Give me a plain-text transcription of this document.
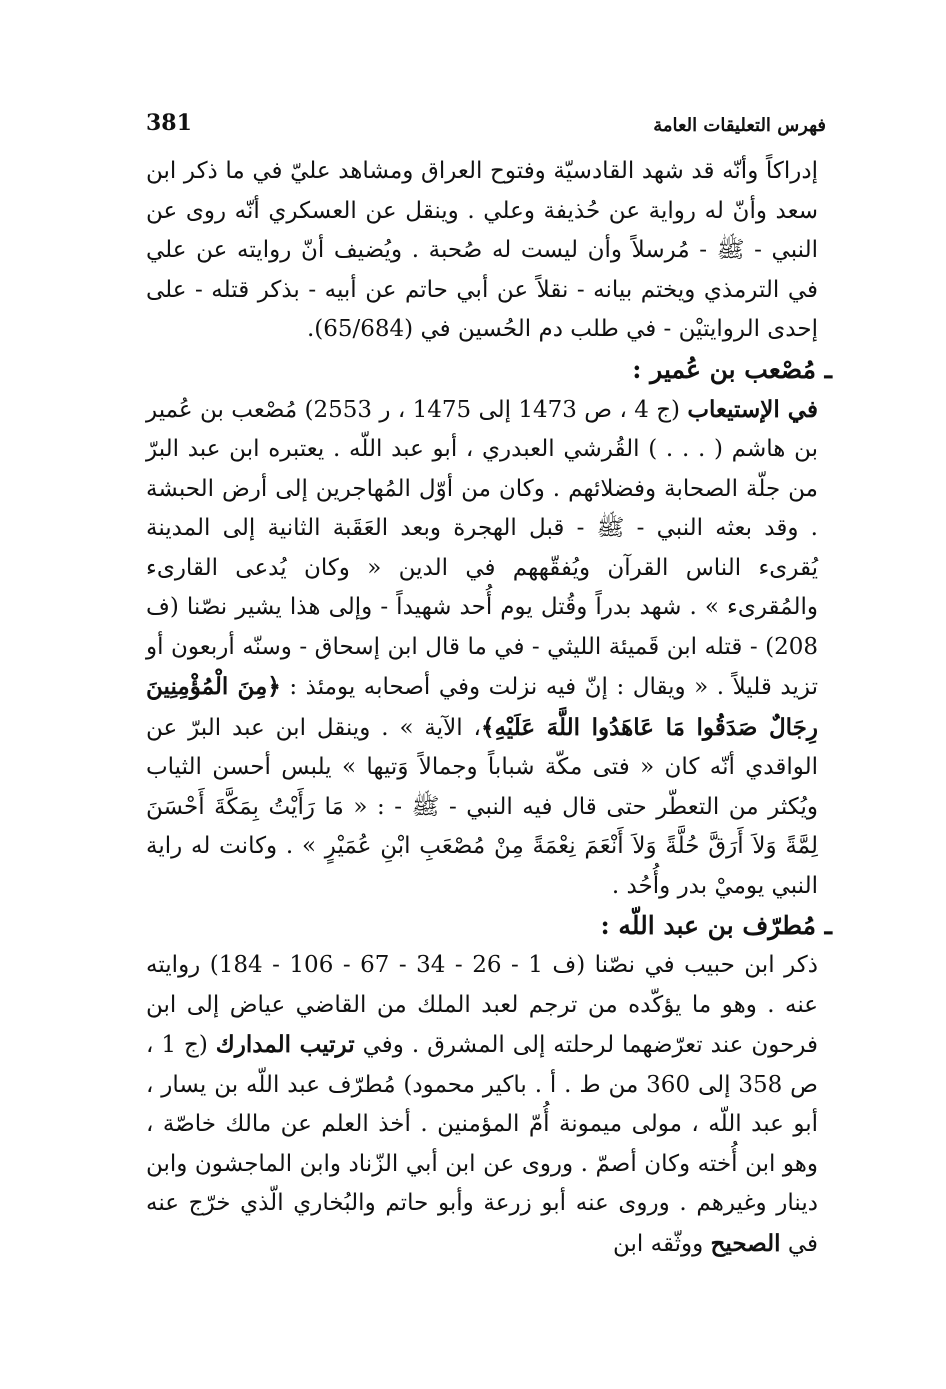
381	فهرس التعليقات العامة

إدراكاً وأنّه قد شهد القادسيّة وفتوح العراق ومشاهد عليّ في ما ذكر ابن سعد وأنّ له رواية عن حُذيفة وعلي . وينقل عن العسكري أنّه روى عن النبي - ﷺ - مُرسلاً وأن ليست له صُحبة . ويُضيف أنّ روايته عن علي في الترمذي ويختم بيانه - نقلاً عن أبي حاتم عن أبيه - بذكر قتله - على إحدى الروايتيْن - في طلب دم الحُسين في (65/684).

ـ مُصْعب بن عُمير :

في الإستيعاب (ج 4 ، ص 1473 إلى 1475 ، ر 2553) مُصْعب بن عُمير بن هاشم ( . . . ) القُرشي العبدري ، أبو عبد اللّه . يعتبره ابن عبد البرّ من جلّة الصحابة وفضلائهم . وكان من أوّل المُهاجرين إلى أرض الحبشة . وقد بعثه النبي - ﷺ - قبل الهجرة وبعد العَقَبة الثانية إلى المدينة يُقرىء الناس القرآن ويُفقّههم في الدين « وكان يُدعى القارىء والمُقرىء » . شهد بدراً وقُتل يوم أُحد شهيداً - وإلى هذا يشير نصّنا (ف 208) - قتله ابن قَميئة الليثي - في ما قال ابن إسحاق - وسنّه أربعون أو تزيد قليلاً . « ويقال : إنّ فيه نزلت وفي أصحابه يومئذ : ﴿مِنَ الْمُؤْمِنِينَ رِجَالٌ صَدَقُوا مَا عَاهَدُوا اللَّهَ عَلَيْهِ﴾، الآية » . وينقل ابن عبد البرّ عن الواقدي أنّه كان « فتى مكّة شباباً وجمالاً وَتيها » يلبس أحسن الثياب ويُكثر من التعطّر حتى قال فيه النبي - ﷺ - : « مَا رَأَيْتُ بِمَكَّةَ أَحْسَنَ لِمَّةً وَلاَ أَرَقَّ حُلَّةً وَلاَ أَنْعَمَ نِعْمَةً مِنْ مُصْعَبِ ابْنِ عُمَيْرٍ » . وكانت له راية النبي يوميْ بدر وأُحُد .

ـ مُطرّف بن عبد اللّه :

ذكر ابن حبيب في نصّنا (ف 1 - 26 - 34 - 67 - 106 - 184) روايته عنه . وهو ما يؤكّده من ترجم لعبد الملك من القاضي عياض إلى ابن فرحون عند تعرّضهما لرحلته إلى المشرق . وفي ترتيب المدارك (ج 1 ، ص 358 إلى 360 من ط . أ . باكير محمود) مُطرّف عبد اللّه بن يسار ، أبو عبد اللّه ، مولى ميمونة أُمّ المؤمنين . أخذ العلم عن مالك خاصّة ، وهو ابن أُخته وكان أصمّ . وروى عن ابن أبي الزّناد وابن الماجشون وابن دينار وغيرهم . وروى عنه أبو زرعة وأبو حاتم والبُخاري الّذي خرّج عنه في الصحيح ووثّقه ابن
